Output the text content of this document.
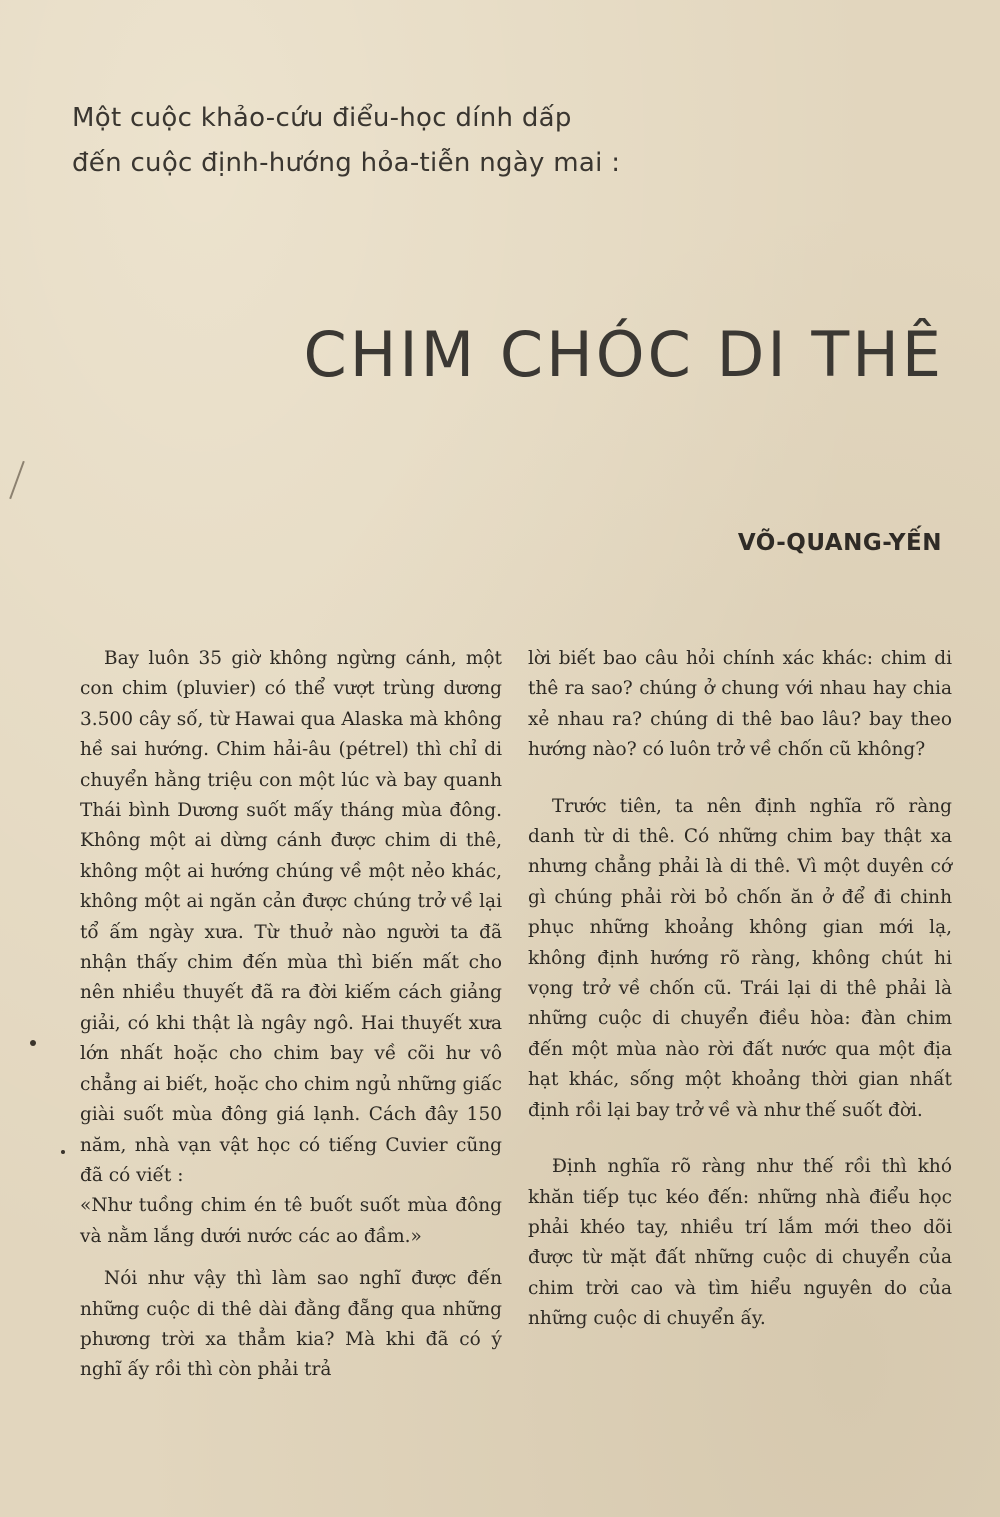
Một cuộc khảo-cứu điểu-học dính dấp
đến cuộc định-hướng hỏa-tiễn ngày mai :
CHIM CHÓC DI THÊ
VÕ-QUANG-YẾN

Bay luôn 35 giờ không ngừng cánh, một con chim (pluvier) có thể vượt trùng dương 3.500 cây số, từ Hawai qua Alaska mà không hề sai hướng. Chim hải-âu (pétrel) thì chỉ di chuyển hằng triệu con một lúc và bay quanh Thái bình Dương suốt mấy tháng mùa đông. Không một ai dừng cánh được chim di thê, không một ai hướng chúng về một nẻo khác, không một ai ngăn cản được chúng trở về lại tổ ấm ngày xưa. Từ thuở nào người ta đã nhận thấy chim đến mùa thì biến mất cho nên nhiều thuyết đã ra đời kiếm cách giảng giải, có khi thật là ngây ngô. Hai thuyết xưa lớn nhất hoặc cho chim bay về cõi hư vô chẳng ai biết, hoặc cho chim ngủ những giấc giài suốt mùa đông giá lạnh. Cách đây 150 năm, nhà vạn vật học có tiếng Cuvier cũng đã có viết :

«Như tuồng chim én tê buốt suốt mùa đông và nằm lắng dưới nước các ao đầm.»

Nói như vậy thì làm sao nghĩ được đến những cuộc di thê dài đằng đẵng qua những phương trời xa thẳm kia? Mà khi đã có ý nghĩ ấy rồi thì còn phải trả

lời biết bao câu hỏi chính xác khác: chim di thê ra sao? chúng ở chung với nhau hay chia xẻ nhau ra? chúng di thê bao lâu? bay theo hướng nào? có luôn trở về chốn cũ không?

Trước tiên, ta nên định nghĩa rõ ràng danh từ di thê. Có những chim bay thật xa nhưng chẳng phải là di thê. Vì một duyên cớ gì chúng phải rời bỏ chốn ăn ở để đi chinh phục những khoảng không gian mới lạ, không định hướng rõ ràng, không chút hi vọng trở về chốn cũ. Trái lại di thê phải là những cuộc di chuyển điều hòa: đàn chim đến một mùa nào rời đất nước qua một địa hạt khác, sống một khoảng thời gian nhất định rồi lại bay trở về và như thế suốt đời.

Định nghĩa rõ ràng như thế rồi thì khó khăn tiếp tục kéo đến: những nhà điểu học phải khéo tay, nhiều trí lắm mới theo dõi được từ mặt đất những cuộc di chuyển của chim trời cao và tìm hiểu nguyên do của những cuộc di chuyển ấy.
